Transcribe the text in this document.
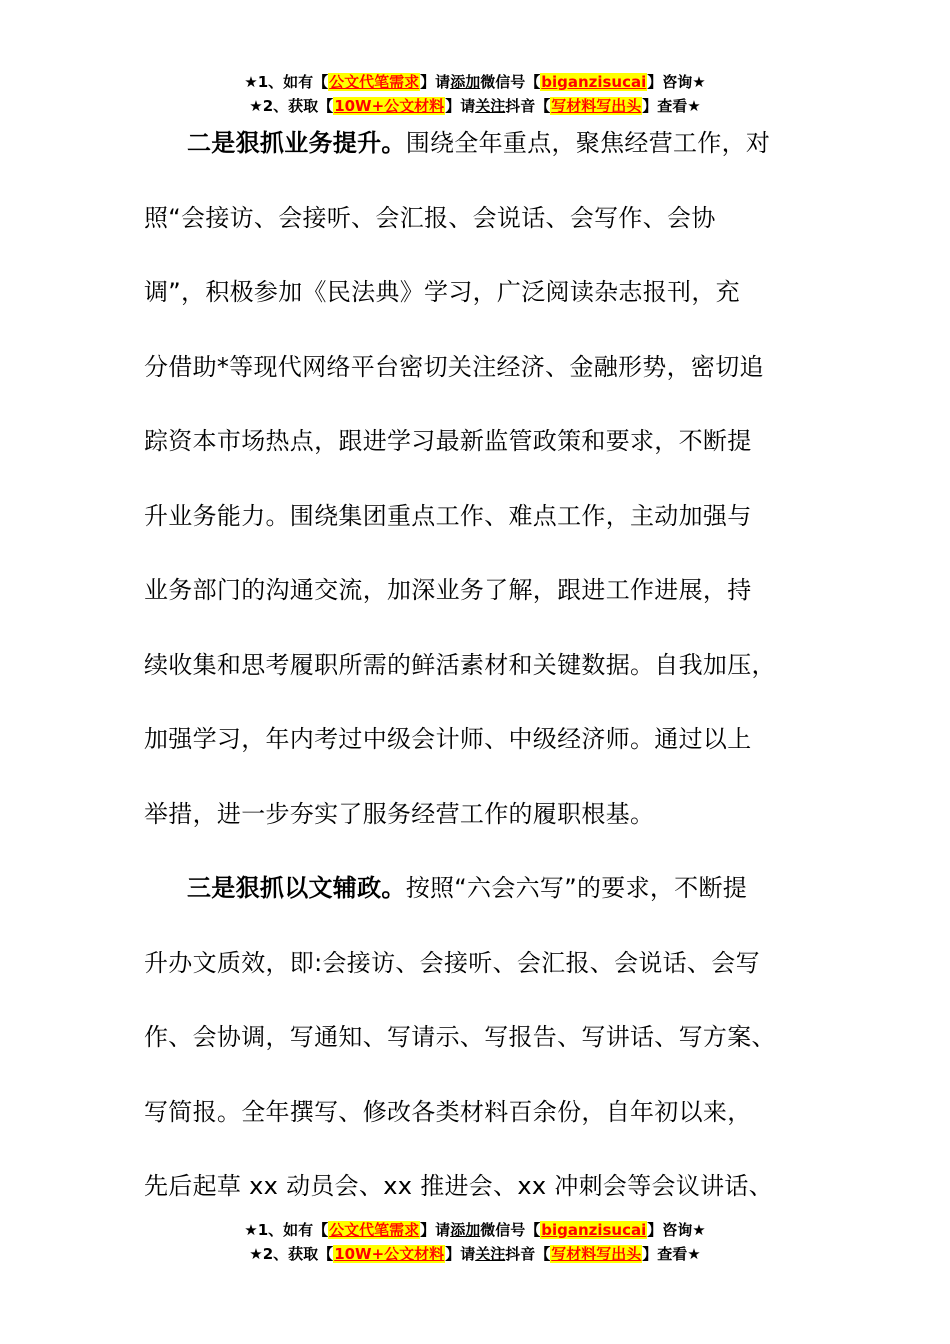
★1、如有【公文代笔需求】请添加微信号【biganzisucai】咨询★
★2、获取【10W+公文材料】请关注抖音【写材料写出头】查看★

二是狠抓业务提升。围绕全年重点，聚焦经营工作，对
照“会接访、会接听、会汇报、会说话、会写作、会协
调”，积极参加《民法典》学习，广泛阅读杂志报刊，充
分借助*等现代网络平台密切关注经济、金融形势，密切追
踪资本市场热点，跟进学习最新监管政策和要求，不断提
升业务能力。围绕集团重点工作、难点工作，主动加强与
业务部门的沟通交流，加深业务了解，跟进工作进展，持
续收集和思考履职所需的鲜活素材和关键数据。自我加压，
加强学习，年内考过中级会计师、中级经济师。通过以上
举措，进一步夯实了服务经营工作的履职根基。

三是狠抓以文辅政。按照“六会六写”的要求，不断提
升办文质效，即:会接访、会接听、会汇报、会说话、会写
作、会协调，写通知、写请示、写报告、写讲话、写方案、
写简报。全年撰写、修改各类材料百余份，自年初以来，
先后起草 xx 动员会、xx 推进会、xx 冲刺会等会议讲话、

★1、如有【公文代笔需求】请添加微信号【biganzisucai】咨询★
★2、获取【10W+公文材料】请关注抖音【写材料写出头】查看★
